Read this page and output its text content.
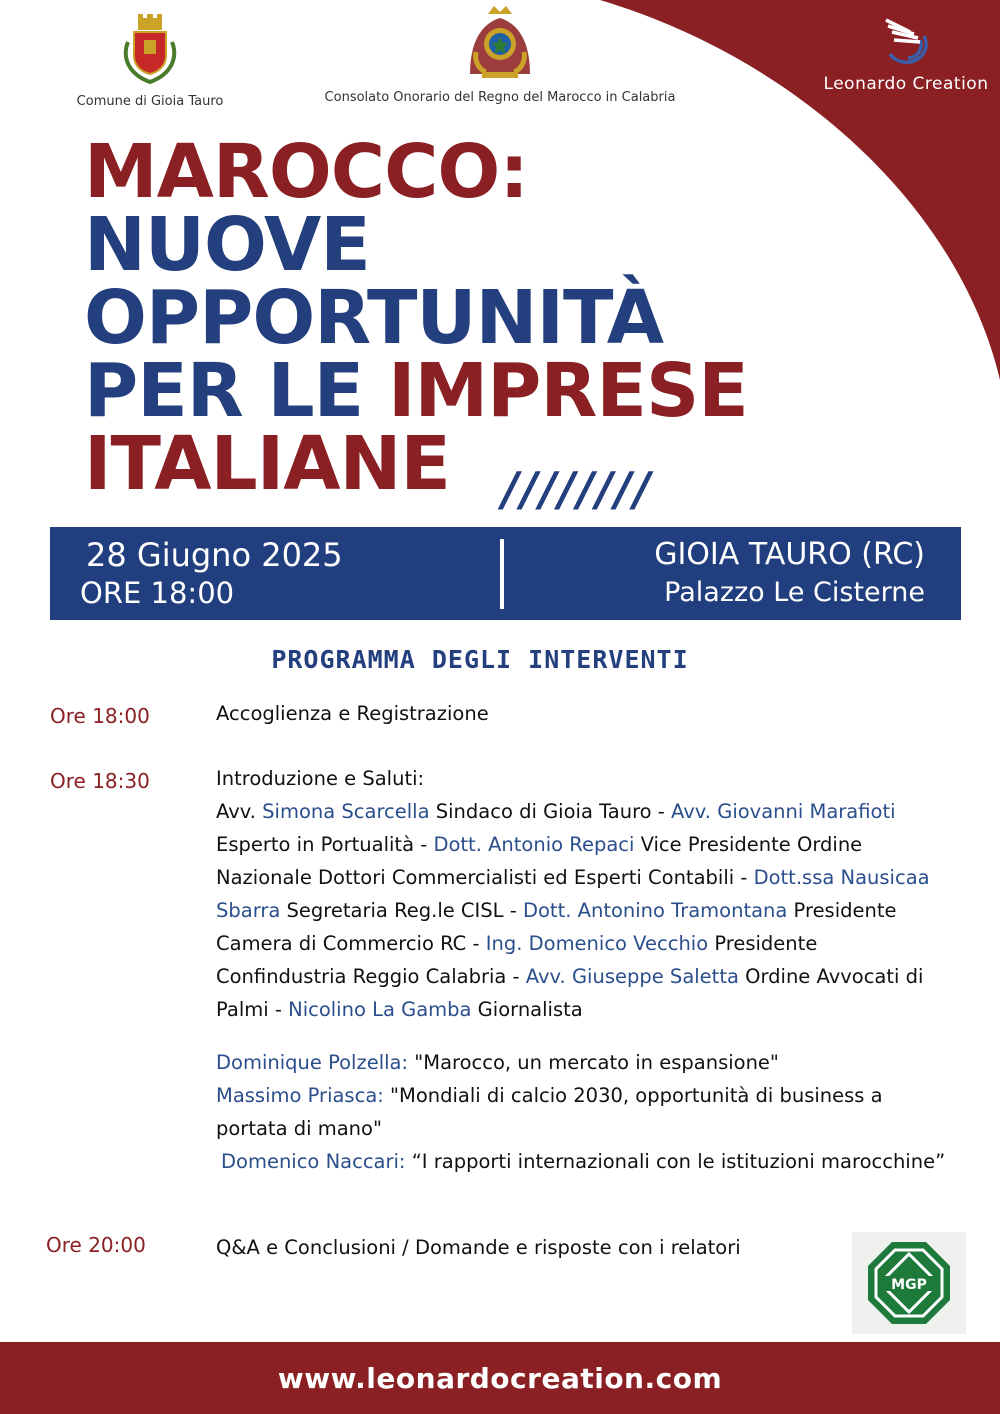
Comune di Gioia Tauro	Consolato Onorario del Regno del Marocco in Calabria
Leonardo Creation
MAROCCO:
NUOVE
OPPORTUNITÀ
PER LE IMPRESE
ITALIANE	////////
28 Giugno 2025
ORE 18:00
GIOIA TAURO (RC)
Palazzo Le Cisterne
PROGRAMMA DEGLI INTERVENTI
Ore 18:00	Accoglienza e Registrazione
Ore 18:30	Introduzione e Saluti:
Avv. Simona Scarcella Sindaco di Gioia Tauro - Avv. Giovanni Marafioti
Esperto in Portualità - Dott. Antonio Repaci Vice Presidente Ordine
Nazionale Dottori Commercialisti ed Esperti Contabili - Dott.ssa Nausicaa
Sbarra Segretaria Reg.le CISL - Dott. Antonino Tramontana Presidente
Camera di Commercio RC - Ing. Domenico Vecchio Presidente
Confindustria Reggio Calabria - Avv. Giuseppe Saletta Ordine Avvocati di
Palmi - Nicolino La Gamba Giornalista
Dominique Polzella: "Marocco, un mercato in espansione"
Massimo Priasca: "Mondiali di calcio 2030, opportunità di business a
portata di mano"
Domenico Naccari: “I rapporti internazionali con le istituzioni marocchine”
Ore 20:00	Q&A e Conclusioni / Domande e risposte con i relatori
MGP
www.leonardocreation.com
